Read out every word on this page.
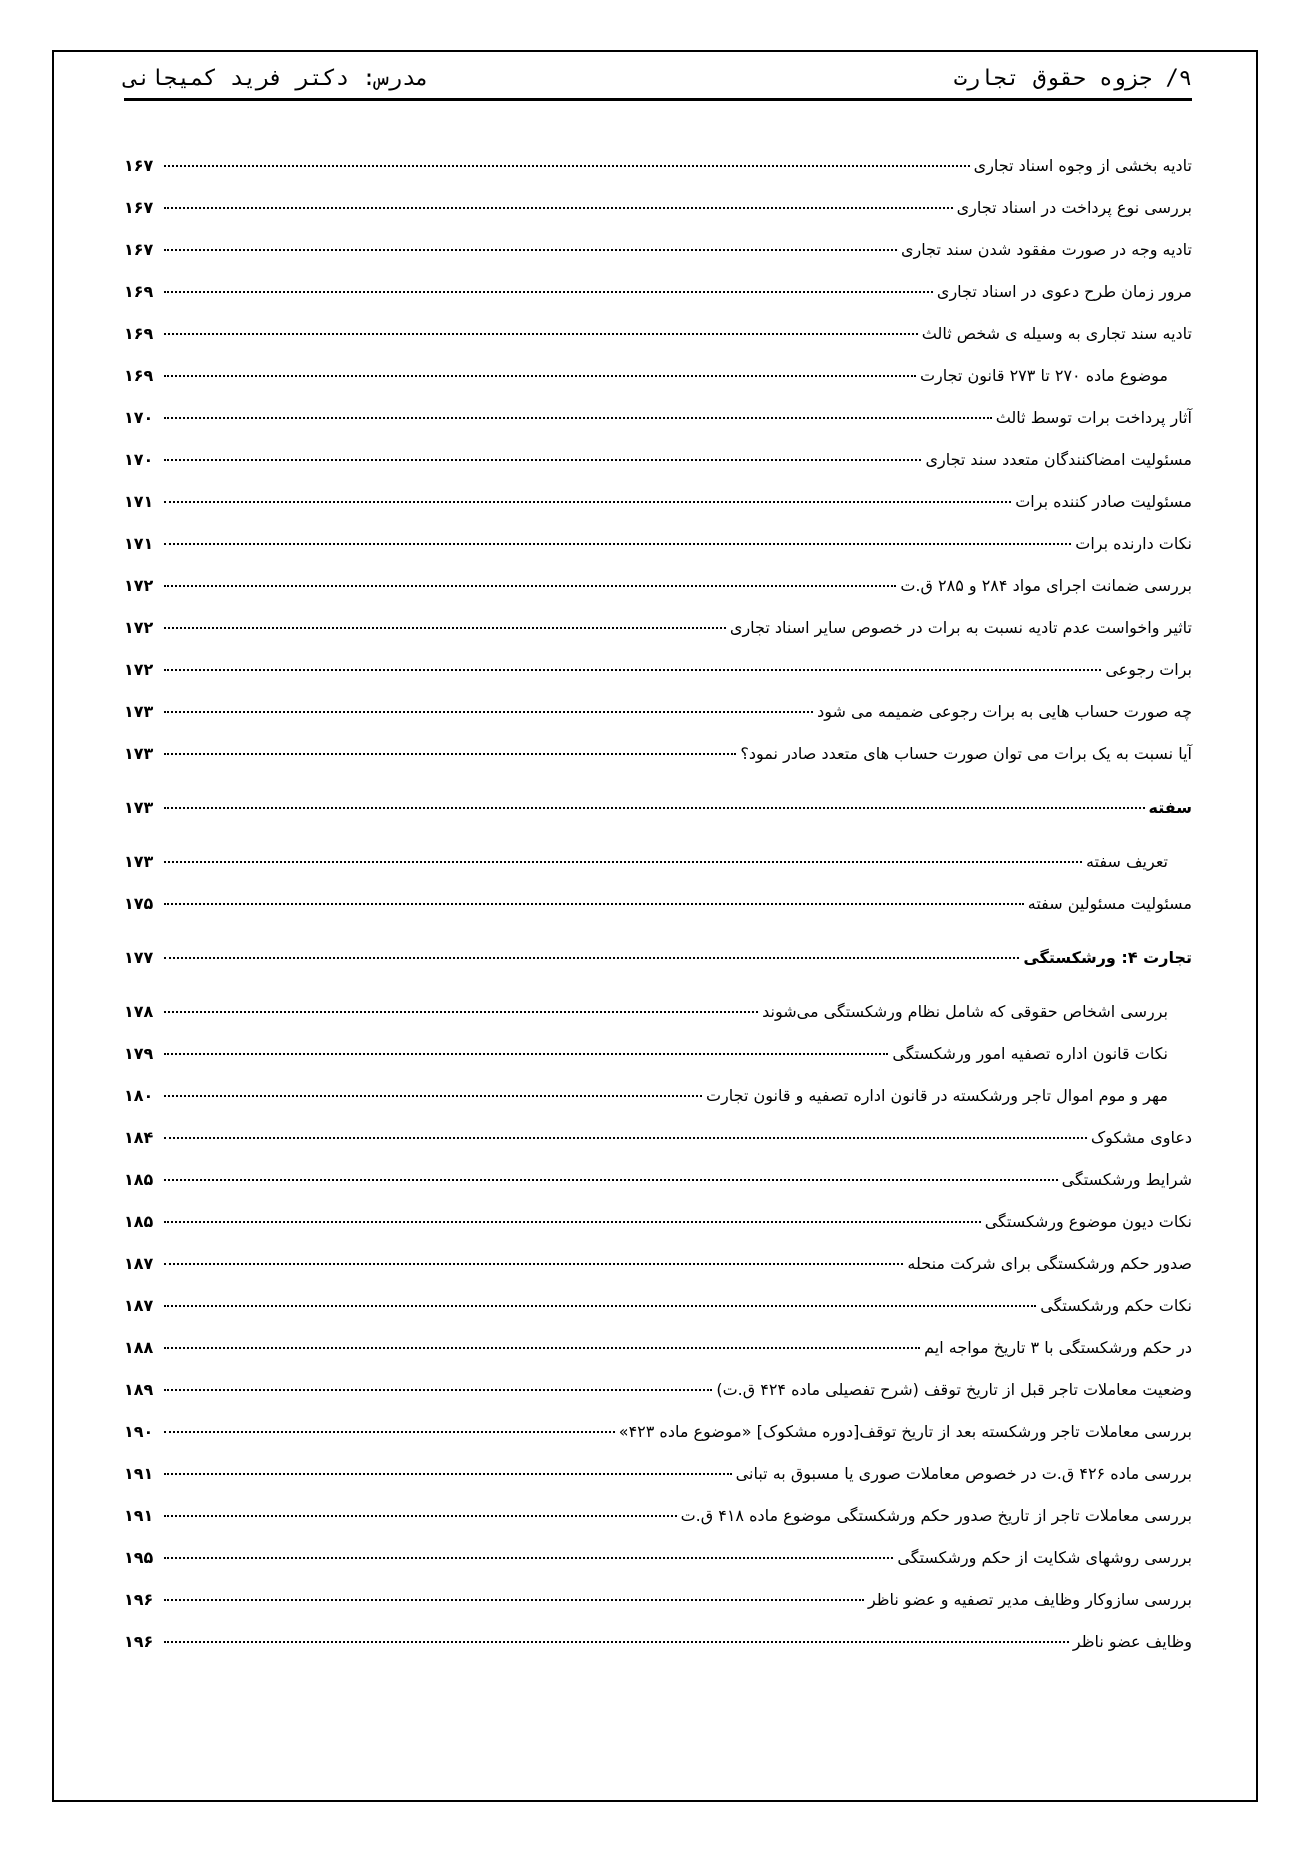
۹/ جزوه حقوق تجارت
مدرس: دکتر فرید کمیجانی
تادیه بخشی از وجوه اسناد تجاری
۱۶۷
بررسی نوع پرداخت در اسناد تجاری
۱۶۷
تادیه وجه در صورت مفقود شدن سند تجاری
۱۶۷
مرور زمان طرح دعوی در اسناد تجاری
۱۶۹
تادیه سند تجاری به وسیله ی شخص ثالث
۱۶۹
موضوع ماده ۲۷۰ تا ۲۷۳ قانون تجارت
۱۶۹
آثار پرداخت برات توسط ثالث
۱۷۰
مسئولیت امضاکنندگان متعدد سند تجاری
۱۷۰
مسئولیت صادر کننده برات
۱۷۱
نکات دارنده برات
۱۷۱
بررسی ضمانت اجرای مواد ۲۸۴ و ۲۸۵ ق.ت
۱۷۲
تاثیر واخواست عدم تادیه نسبت به برات در خصوص سایر اسناد تجاری
۱۷۲
برات رجوعی
۱۷۲
چه صورت حساب هایی به برات رجوعی ضمیمه می شود
۱۷۳
آیا نسبت به یک برات می توان صورت حساب های متعدد صادر نمود؟
۱۷۳
سفته
۱۷۳
تعریف سفته
۱۷۳
مسئولیت مسئولین سفته
۱۷۵
تجارت ۴: ورشکستگی
۱۷۷
بررسی اشخاص حقوقی که شامل نظام ورشکستگی می‌شوند
۱۷۸
نکات قانون اداره تصفیه امور ورشکستگی
۱۷۹
مهر و موم اموال تاجر ورشکسته در قانون اداره تصفیه و قانون تجارت
۱۸۰
دعاوی مشکوک
۱۸۴
شرایط ورشکستگی
۱۸۵
نکات دیون موضوع ورشکستگی
۱۸۵
صدور حکم ورشکستگی برای شرکت منحله
۱۸۷
نکات حکم ورشکستگی
۱۸۷
در حکم ورشکستگی با ۳ تاریخ مواجه ایم
۱۸۸
وضعیت معاملات تاجر قبل از تاریخ توقف (شرح تفصیلی ماده ۴۲۴ ق.ت)
۱۸۹
بررسی معاملات تاجر ورشکسته بعد از تاریخ توقف[دوره مشکوک] «موضوع ماده ۴۲۳»
۱۹۰
بررسی ماده ۴۲۶ ق.ت در خصوص معاملات صوری یا مسبوق به تبانی
۱۹۱
بررسی معاملات تاجر از تاریخ صدور حکم ورشکستگی موضوع ماده ۴۱۸ ق.ت
۱۹۱
بررسی روشهای شکایت از حکم ورشکستگی
۱۹۵
بررسی سازوکار وظایف مدیر تصفیه و عضو ناظر
۱۹۶
وظایف عضو ناظر
۱۹۶
